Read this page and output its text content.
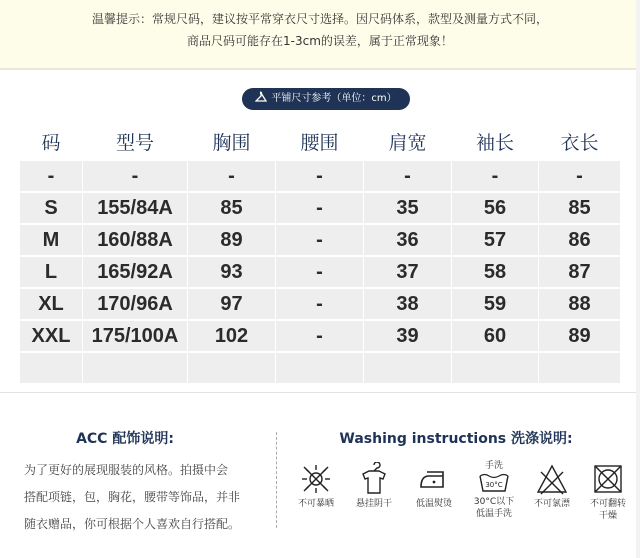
温馨提示：常规尺码，建议按平常穿衣尺寸选择。因尺码体系，款型及测量方式不同，
商品尺码可能存在1-3cm的误差，属于正常现象！
平铺尺寸参考（单位：cm）
码	型号	胸围	腰围	肩宽	袖长	衣长
-	-	-	-	-	-	-
S	155/84A	85	-	35	56	85
M	160/88A	89	-	36	57	86
L	165/92A	93	-	37	58	87
XL	170/96A	97	-	38	59	88
XXL	175/100A	102	-	39	60	89
ACC 配饰说明:
为了更好的展现服装的风格。拍摄中会
搭配项链，包，胸花，腰带等饰品，并非
随衣赠品，你可根据个人喜欢自行搭配。
Washing instructions 洗涤说明:
不可暴晒	悬挂阴干	低温熨烫
手洗
30°C
30°C以下
低温手洗
不可氯漂	不可翻转
干燥
